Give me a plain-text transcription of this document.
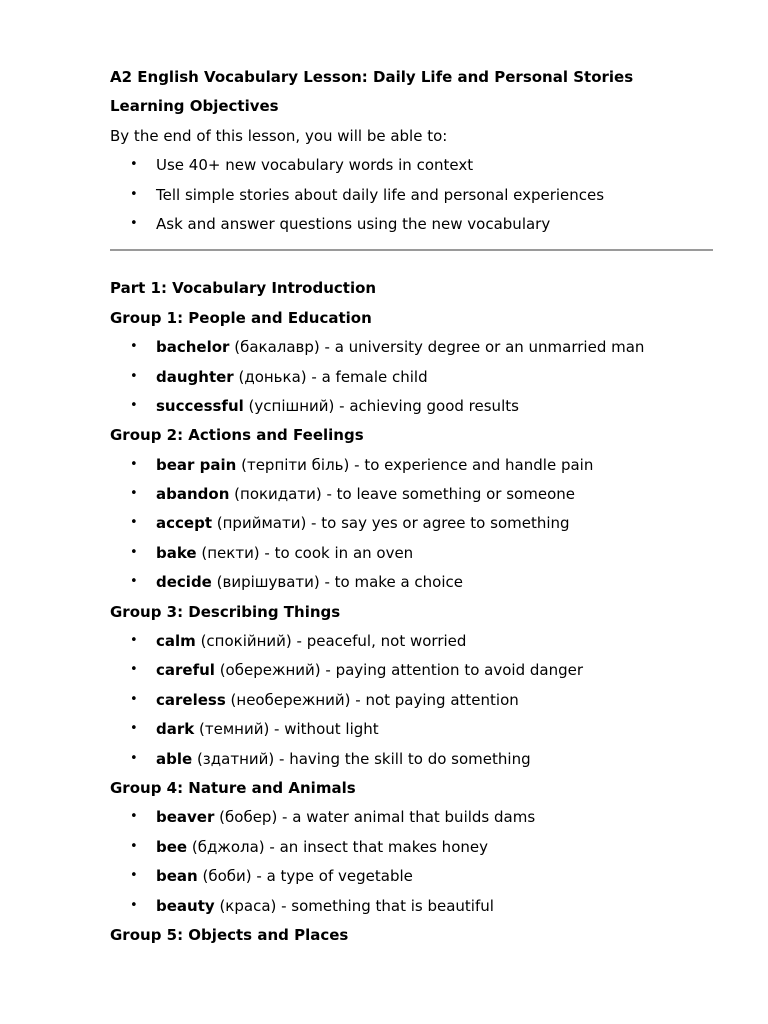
A2 English Vocabulary Lesson: Daily Life and Personal Stories
Learning Objectives
By the end of this lesson, you will be able to:
• Use 40+ new vocabulary words in context
• Tell simple stories about daily life and personal experiences
• Ask and answer questions using the new vocabulary
Part 1: Vocabulary Introduction
Group 1: People and Education
• bachelor (бакалавр) - a university degree or an unmarried man
• daughter (донька) - a female child
• successful (успішний) - achieving good results
Group 2: Actions and Feelings
• bear pain (терпіти біль) - to experience and handle pain
• abandon (покидати) - to leave something or someone
• accept (приймати) - to say yes or agree to something
• bake (пекти) - to cook in an oven
• decide (вирішувати) - to make a choice
Group 3: Describing Things
• calm (спокійний) - peaceful, not worried
• careful (обережний) - paying attention to avoid danger
• careless (необережний) - not paying attention
• dark (темний) - without light
• able (здатний) - having the skill to do something
Group 4: Nature and Animals
• beaver (бобер) - a water animal that builds dams
• bee (бджола) - an insect that makes honey
• bean (боби) - a type of vegetable
• beauty (краса) - something that is beautiful
Group 5: Objects and Places
